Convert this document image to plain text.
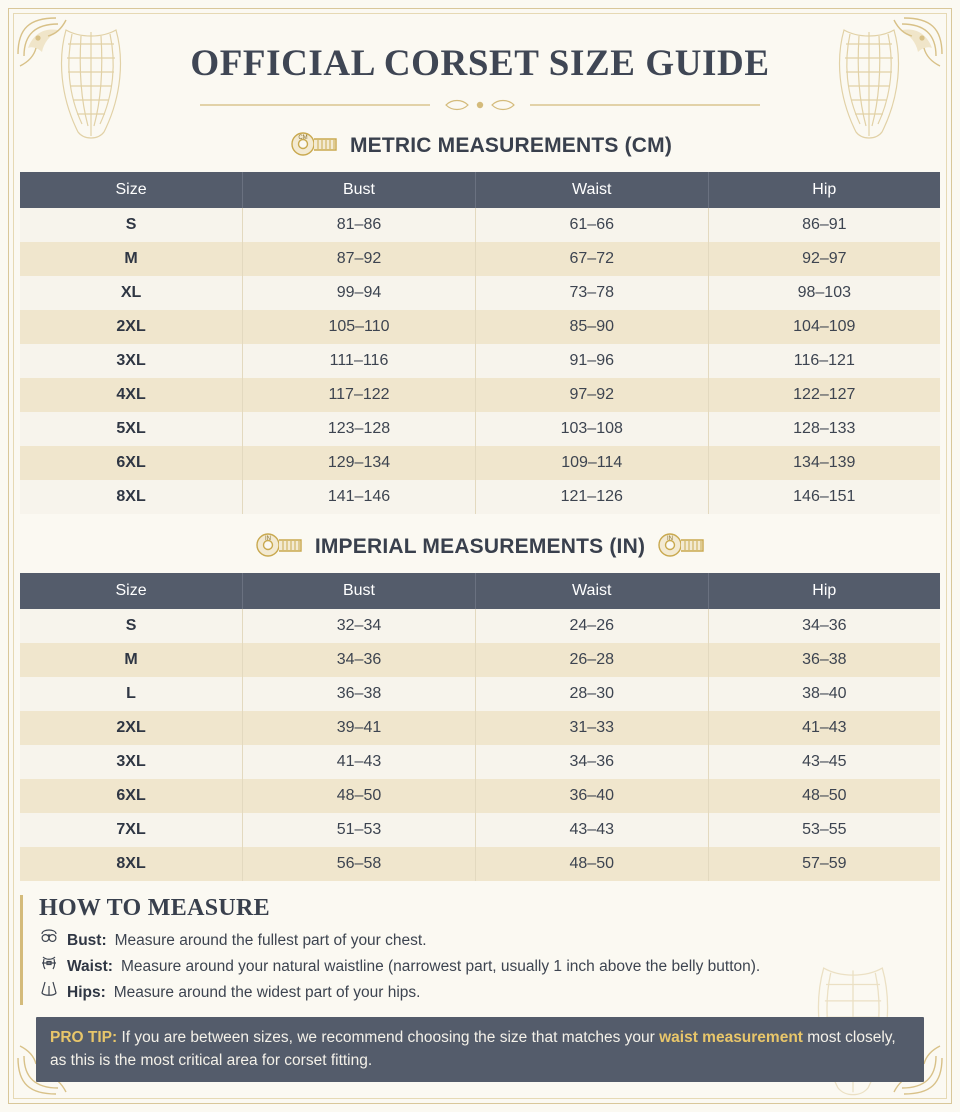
OFFICIAL CORSET SIZE GUIDE
CM METRIC MEASUREMENTS (CM)
Size	Bust	Waist	Hip
S	81–86	61–66	86–91
M	87–92	67–72	92–97
XL	99–94	73–78	98–103
2XL	105–110	85–90	104–109
3XL	111–116	91–96	116–121
4XL	117–122	97–92	122–127
5XL	123–128	103–108	128–133
6XL	129–134	109–114	134–139
8XL	141–146	121–126	146–151
IN IMPERIAL MEASUREMENTS (IN)	IN
Size	Bust	Waist	Hip
S	32–34	24–26	34–36
M	34–36	26–28	36–38
L	36–38	28–30	38–40
2XL	39–41	31–33	41–43
3XL	41–43	34–36	43–45
6XL	48–50	36–40	48–50
7XL	51–53	43–43	53–55
8XL	56–58	48–50	57–59
HOW TO MEASURE
Bust: Measure around the fullest part of your chest.
Waist: Measure around your natural waistline (narrowest part, usually 1 inch above the belly button).
Hips: Measure around the widest part of your hips.
PRO TIP: If you are between sizes, we recommend choosing the size that matches your waist measurement most closely, as this is the most critical area for corset fitting.
